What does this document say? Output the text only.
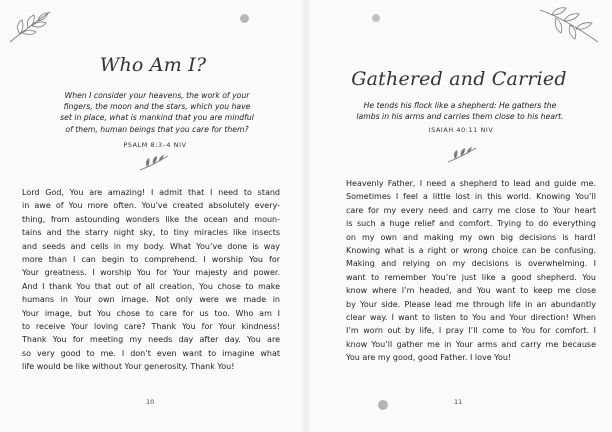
Who Am I?
When I consider your heavens, the work of your
fingers, the moon and the stars, which you have
set in place, what is mankind that you are mindful
of them, human beings that you care for them?
PSALM 8:3–4 NIV
Lord God, You are amazing! I admit that I need to stand
in awe of You more often. You’ve created absolutely every-
thing, from astounding wonders like the ocean and moun-
tains and the starry night sky, to tiny miracles like insects
and seeds and cells in my body. What You’ve done is way
more than I can begin to comprehend. I worship You for
Your greatness. I worship You for Your majesty and power.
And I thank You that out of all creation, You chose to make
humans in Your own image. Not only were we made in
Your image, but You chose to care for us too. Who am I
to receive Your loving care? Thank You for Your kindness!
Thank You for meeting my needs day after day. You are
so very good to me. I don’t even want to imagine what
life would be like without Your generosity. Thank You!
10
Gathered and Carried
He tends his flock like a shepherd: He gathers the
lambs in his arms and carries them close to his heart.
ISAIAH 40:11 NIV
Heavenly Father, I need a shepherd to lead and guide me.
Sometimes I feel a little lost in this world. Knowing You’ll
care for my every need and carry me close to Your heart
is such a huge relief and comfort. Trying to do everything
on my own and making my own big decisions is hard!
Knowing what is a right or wrong choice can be confusing.
Making and relying on my decisions is overwhelming. I
want to remember You’re just like a good shepherd. You
know where I’m headed, and You want to keep me close
by Your side. Please lead me through life in an abundantly
clear way. I want to listen to You and Your direction! When
I’m worn out by life, I pray I’ll come to You for comfort. I
know You’ll gather me in Your arms and carry me because
You are my good, good Father. I love You!
11
